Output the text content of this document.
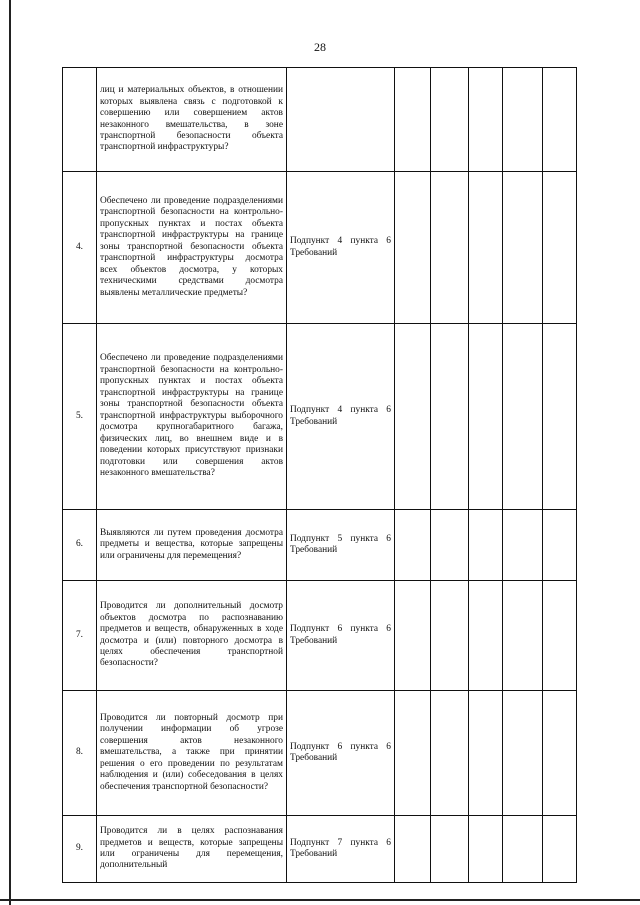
28
	лиц и материальных объектов, в отношении которых выявлена связь с подготовкой к совершению или совершением актов незаконного вмешательства, в зоне транспортной безопасности объекта транспортной инфраструктуры?						
4.	Обеспечено ли проведение подразделениями транспортной безопасности на контрольно-пропускных пунктах и постах объекта транспортной инфраструктуры на границе зоны транспортной безопасности объекта транспортной инфраструктуры досмотра всех объектов досмотра, у которых техническими средствами досмотра выявлены металлические предметы?	Подпункт 4 пункта 6 Требований					
5.	Обеспечено ли проведение подразделениями транспортной безопасности на контрольно-пропускных пунктах и постах объекта транспортной инфраструктуры на границе зоны транспортной безопасности объекта транспортной инфраструктуры выборочного досмотра крупногабаритного багажа, физических лиц, во внешнем виде и в поведении которых присутствуют признаки подготовки или совершения актов незаконного вмешательства?	Подпункт 4 пункта 6 Требований					
6.	Выявляются ли путем проведения досмотра предметы и вещества, которые запрещены или ограничены для перемещения?	Подпункт 5 пункта 6 Требований					
7.	Проводится ли дополнительный досмотр объектов досмотра по распознаванию предметов и веществ, обнаруженных в ходе досмотра и (или) повторного досмотра в целях обеспечения транспортной безопасности?	Подпункт 6 пункта 6 Требований					
8.	Проводится ли повторный досмотр при получении информации об угрозе совершения актов незаконного вмешательства, а также при принятии решения о его проведении по результатам наблюдения и (или) собеседования в целях обеспечения транспортной безопасности?	Подпункт 6 пункта 6 Требований					
9.	Проводится ли в целях распознавания предметов и веществ, которые запрещены или ограничены для перемещения, дополнительный	Подпункт 7 пункта 6 Требований					
